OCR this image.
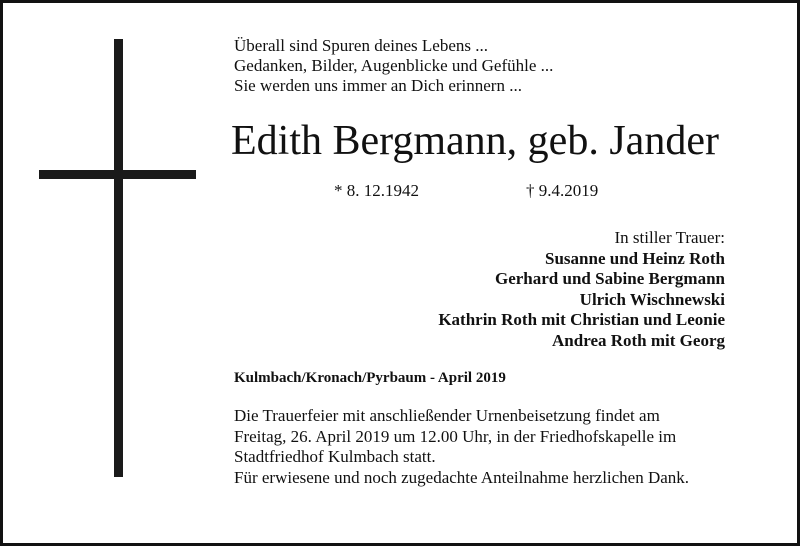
Überall sind Spuren deines Lebens ...
Gedanken, Bilder, Augenblicke und Gefühle ...
Sie werden uns immer an Dich erinnern ...
Edith Bergmann, geb. Jander
* 8. 12.1942	† 9.4.2019
In stiller Trauer:
Susanne und Heinz Roth
Gerhard und Sabine Bergmann
Ulrich Wischnewski
Kathrin Roth mit Christian und Leonie
Andrea Roth mit Georg
Kulmbach/Kronach/Pyrbaum - April 2019
Die Trauerfeier mit anschließender Urnenbeisetzung findet am
Freitag, 26. April 2019 um 12.00 Uhr, in der Friedhofskapelle im
Stadtfriedhof Kulmbach statt.
Für erwiesene und noch zugedachte Anteilnahme herzlichen Dank.
